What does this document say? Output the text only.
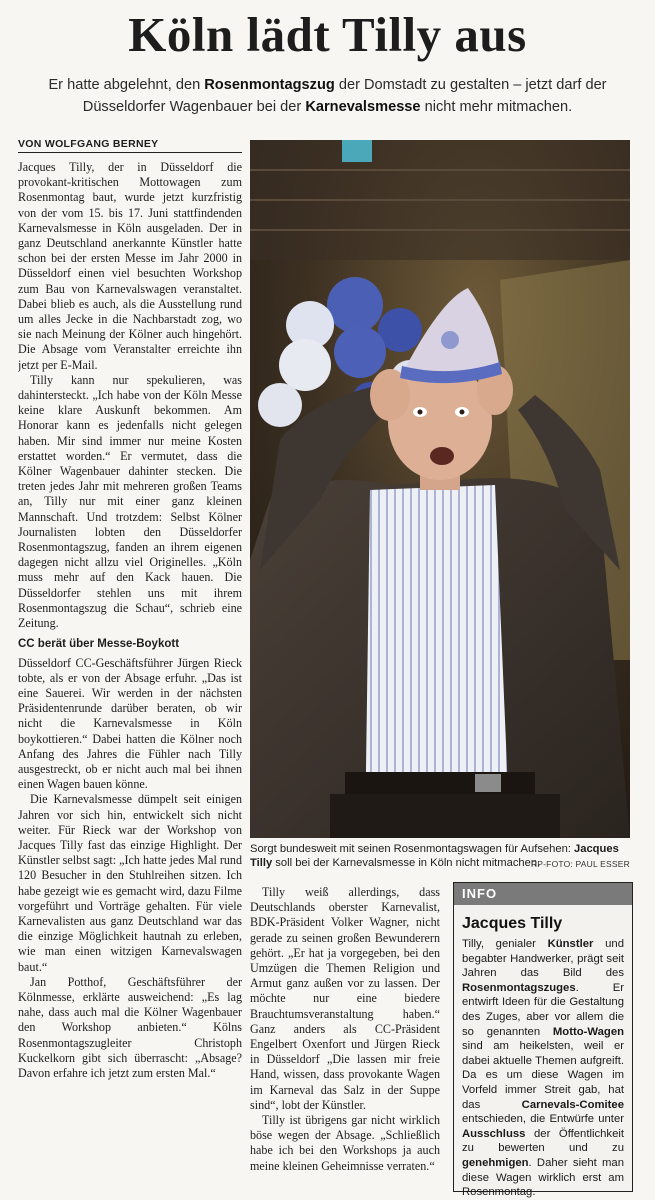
Köln lädt Tilly aus
Er hatte abgelehnt, den Rosenmontagszug der Domstadt zu gestalten – jetzt darf der Düsseldorfer Wagenbauer bei der Karnevalsmesse nicht mehr mitmachen.
VON WOLFGANG BERNEY

Jacques Tilly, der in Düsseldorf die provokant-kritischen Mottowagen zum Rosenmontag baut, wurde jetzt kurzfristig von der vom 15. bis 17. Juni stattfindenden Karnevalsmesse in Köln ausgeladen. Der in ganz Deutschland anerkannte Künstler hatte schon bei der ersten Messe im Jahr 2000 in Düsseldorf einen viel besuchten Workshop zum Bau von Karnevalswagen veranstaltet. Dabei blieb es auch, als die Ausstellung rund um alles Jecke in die Nachbarstadt zog, wo sie nach Meinung der Kölner auch hingehört. Die Absage vom Veranstalter erreichte ihn jetzt per E-Mail.

Tilly kann nur spekulieren, was dahintersteckt. „Ich habe von der Köln Messe keine klare Auskunft bekommen. Am Honorar kann es jedenfalls nicht gelegen haben. Mir sind immer nur meine Kosten erstattet worden.“ Er vermutet, dass die Kölner Wagenbauer dahinter stecken. Die treten jedes Jahr mit mehreren großen Teams an, Tilly nur mit einer ganz kleinen Mannschaft. Und trotzdem: Selbst Kölner Journalisten lobten den Düsseldorfer Rosenmontagszug, fanden an ihrem eigenen dagegen nicht allzu viel Originelles. „Köln muss mehr auf den Kack hauen. Die Düsseldorfer stehlen uns mit ihrem Rosenmontagszug die Schau“, schrieb eine Zeitung.

CC berät über Messe-Boykott

Düsseldorf CC-Geschäftsführer Jürgen Rieck tobte, als er von der Absage erfuhr. „Das ist eine Sauerei. Wir werden in der nächsten Präsidentenrunde darüber beraten, ob wir nicht die Karnevalsmesse in Köln boykottieren.“ Dabei hatten die Kölner noch Anfang des Jahres die Fühler nach Tilly ausgestreckt, ob er nicht auch mal bei ihnen einen Wagen bauen könne.

Die Karnevalsmesse dümpelt seit einigen Jahren vor sich hin, entwickelt sich nicht weiter. Für Rieck war der Workshop von Jacques Tilly fast das einzige Highlight. Der Künstler selbst sagt: „Ich hatte jedes Mal rund 120 Besucher in den Stuhlreihen sitzen. Ich habe gezeigt wie es gemacht wird, dazu Filme vorgeführt und Vorträge gehalten. Für viele Karnevalisten aus ganz Deutschland war das die einzige Möglichkeit hautnah zu erleben, wie man einen witzigen Karnevalswagen baut.“

Jan Potthof, Geschäftsführer der Kölnmesse, erklärte ausweichend: „Es lag nahe, dass auch mal die Kölner Wagenbauer den Workshop anbieten.“ Kölns Rosenmontagszugleiter Christoph Kuckelkorn gibt sich überrascht: „Absage? Davon erfahre ich jetzt zum ersten Mal.“

Sorgt bundesweit mit seinen Rosenmontagswagen für Aufsehen: Jacques Tilly soll bei der Karnevalsmesse in Köln nicht mitmachen.
RP-FOTO: PAUL ESSER

Tilly weiß allerdings, dass Deutschlands oberster Karnevalist, BDK-Präsident Volker Wagner, nicht gerade zu seinen großen Bewunderern gehört. „Er hat ja vorgegeben, bei den Umzügen die Themen Religion und Armut ganz außen vor zu lassen. Der möchte nur eine biedere Brauchtumsveranstaltung haben.“ Ganz anders als CC-Präsident Engelbert Oxenfort und Jürgen Rieck in Düsseldorf „Die lassen mir freie Hand, wissen, dass provokante Wagen im Karneval das Salz in der Suppe sind“, lobt der Künstler.

Tilly ist übrigens gar nicht wirklich böse wegen der Absage. „Schließlich habe ich bei den Workshops ja auch meine kleinen Geheimnisse verraten.“

INFO
Jacques Tilly
Tilly, genialer Künstler und begabter Handwerker, prägt seit Jahren das Bild des Rosenmontagszuges. Er entwirft Ideen für die Gestaltung des Zuges, aber vor allem die so genannten Motto-Wagen sind am heikelsten, weil er dabei aktuelle Themen aufgreift. Da es um diese Wagen im Vorfeld immer Streit gab, hat das Carnevals-Comitee entschieden, die Entwürfe unter Ausschluss der Öffentlichkeit zu bewerten und zu genehmigen. Daher sieht man diese Wagen wirklich erst am Rosenmontag.
